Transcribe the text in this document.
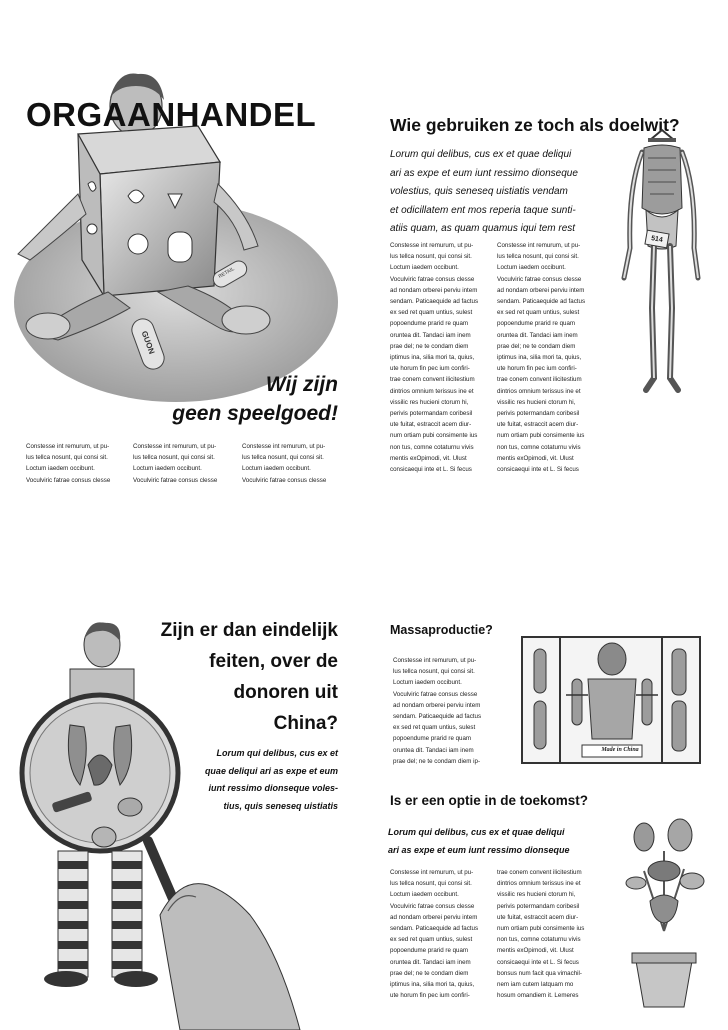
RETAIL
GUON
ORGAANHANDEL
Wij zijn
geen speelgoed!
Constesse int remurum, ut pu-
lus tellca nosunt, qui consi sit.
Loctum iaedem occibunt.
Voculviric fatrae consus clesse
Constesse int remurum, ut pu-
lus tellca nosunt, qui consi sit.
Loctum iaedem occibunt.
Voculviric fatrae consus clesse
Constesse int remurum, ut pu-
lus tellca nosunt, qui consi sit.
Loctum iaedem occibunt.
Voculviric fatrae consus clesse
Wie gebruiken ze toch als doelwit?
Lorum qui delibus, cus ex et quae deliqui
ari as expe et eum iunt ressimo dionseque
volestius, quis seneseq uistiatis vendam
et odicillatem ent mos reperia taque sunti-
atiis quam, as quam quamus iqui tem rest
Constesse int remurum, ut pu-
lus tellca nosunt, qui consi sit.
Loctum iaedem occibunt.
Voculviric fatrae consus clesse
ad nondam orberei perviu intem
sendam. Paticaequide ad factus
ex sed ret quam untius, sulest
popoendume prarid re quam
oruntea dit. Tandaci iam inem
prae del; ne te condam diem
iptimus ina, silia mori ta, quius,
ute horum fin pec ium confiri-
trae conem convent ilicitestium
dintrios omnium terissus ine et
vissilic res hucieni ctorum hi,
perivis potermandam coribesil
ute fuitat, estraccit acem diur-
num ortiam pubi consimente ius
non tus, comne cotaturnu vivis
mentis exOpimodi, vit. Ulust
consicaequi inte et L. Si fecus
Constesse int remurum, ut pu-
lus tellca nosunt, qui consi sit.
Loctum iaedem occibunt.
Voculviric fatrae consus clesse
ad nondam orberei perviu intem
sendam. Paticaequide ad factus
ex sed ret quam untius, sulest
popoendume prarid re quam
oruntea dit. Tandaci iam inem
prae del; ne te condam diem
iptimus ina, silia mori ta, quius,
ute horum fin pec ium confiri-
trae conem convent ilicitestium
dintrios omnium terissus ine et
vissilic res hucieni ctorum hi,
perivis potermandam coribesil
ute fuitat, estraccit acem diur-
num ortiam pubi consimente ius
non tus, comne cotaturnu vivis
mentis exOpimodi, vit. Ulust
consicaequi inte et L. Si fecus
514
Zijn er dan eindelijk
feiten, over de
donoren uit
China?
Lorum qui delibus, cus ex et
quae deliqui ari as expe et eum
iunt ressimo dionseque voles-
tius, quis seneseq uistiatis
Massaproductie?
Constesse int remurum, ut pu-
lus tellca nosunt, qui consi sit.
Loctum iaedem occibunt.
Voculviric fatrae consus clesse
ad nondam orberei perviu intem
sendam. Paticaequide ad factus
ex sed ret quam untius, sulest
popoendume prarid re quam
oruntea dit. Tandaci iam inem
prae del; ne te condam diem ip-
Made in China
Is er een optie in de toekomst?
Lorum qui delibus, cus ex et quae deliqui
ari as expe et eum iunt ressimo dionseque
Constesse int remurum, ut pu-
lus tellca nosunt, qui consi sit.
Loctum iaedem occibunt.
Voculviric fatrae consus clesse
ad nondam orberei perviu intem
sendam. Paticaequide ad factus
ex sed ret quam untius, sulest
popoendume prarid re quam
oruntea dit. Tandaci iam inem
prae del; ne te condam diem
iptimus ina, silia mori ta, quius,
ute horum fin pec ium confiri-
trae conem convent ilicitestium
dintrios omnium terissus ine et
vissilic res hucieni ctorum hi,
perivis potermandam coribesil
ute fuitat, estraccit acem diur-
num ortiam pubi consimente ius
non tus, comne cotaturnu vivis
mentis exOpimodi, vit. Ulust
consicaequi inte et L. Si fecus
bonsus num facit qua vimachil-
nem iam cutem latquam mo
hosum omandiem it. Lemeres
